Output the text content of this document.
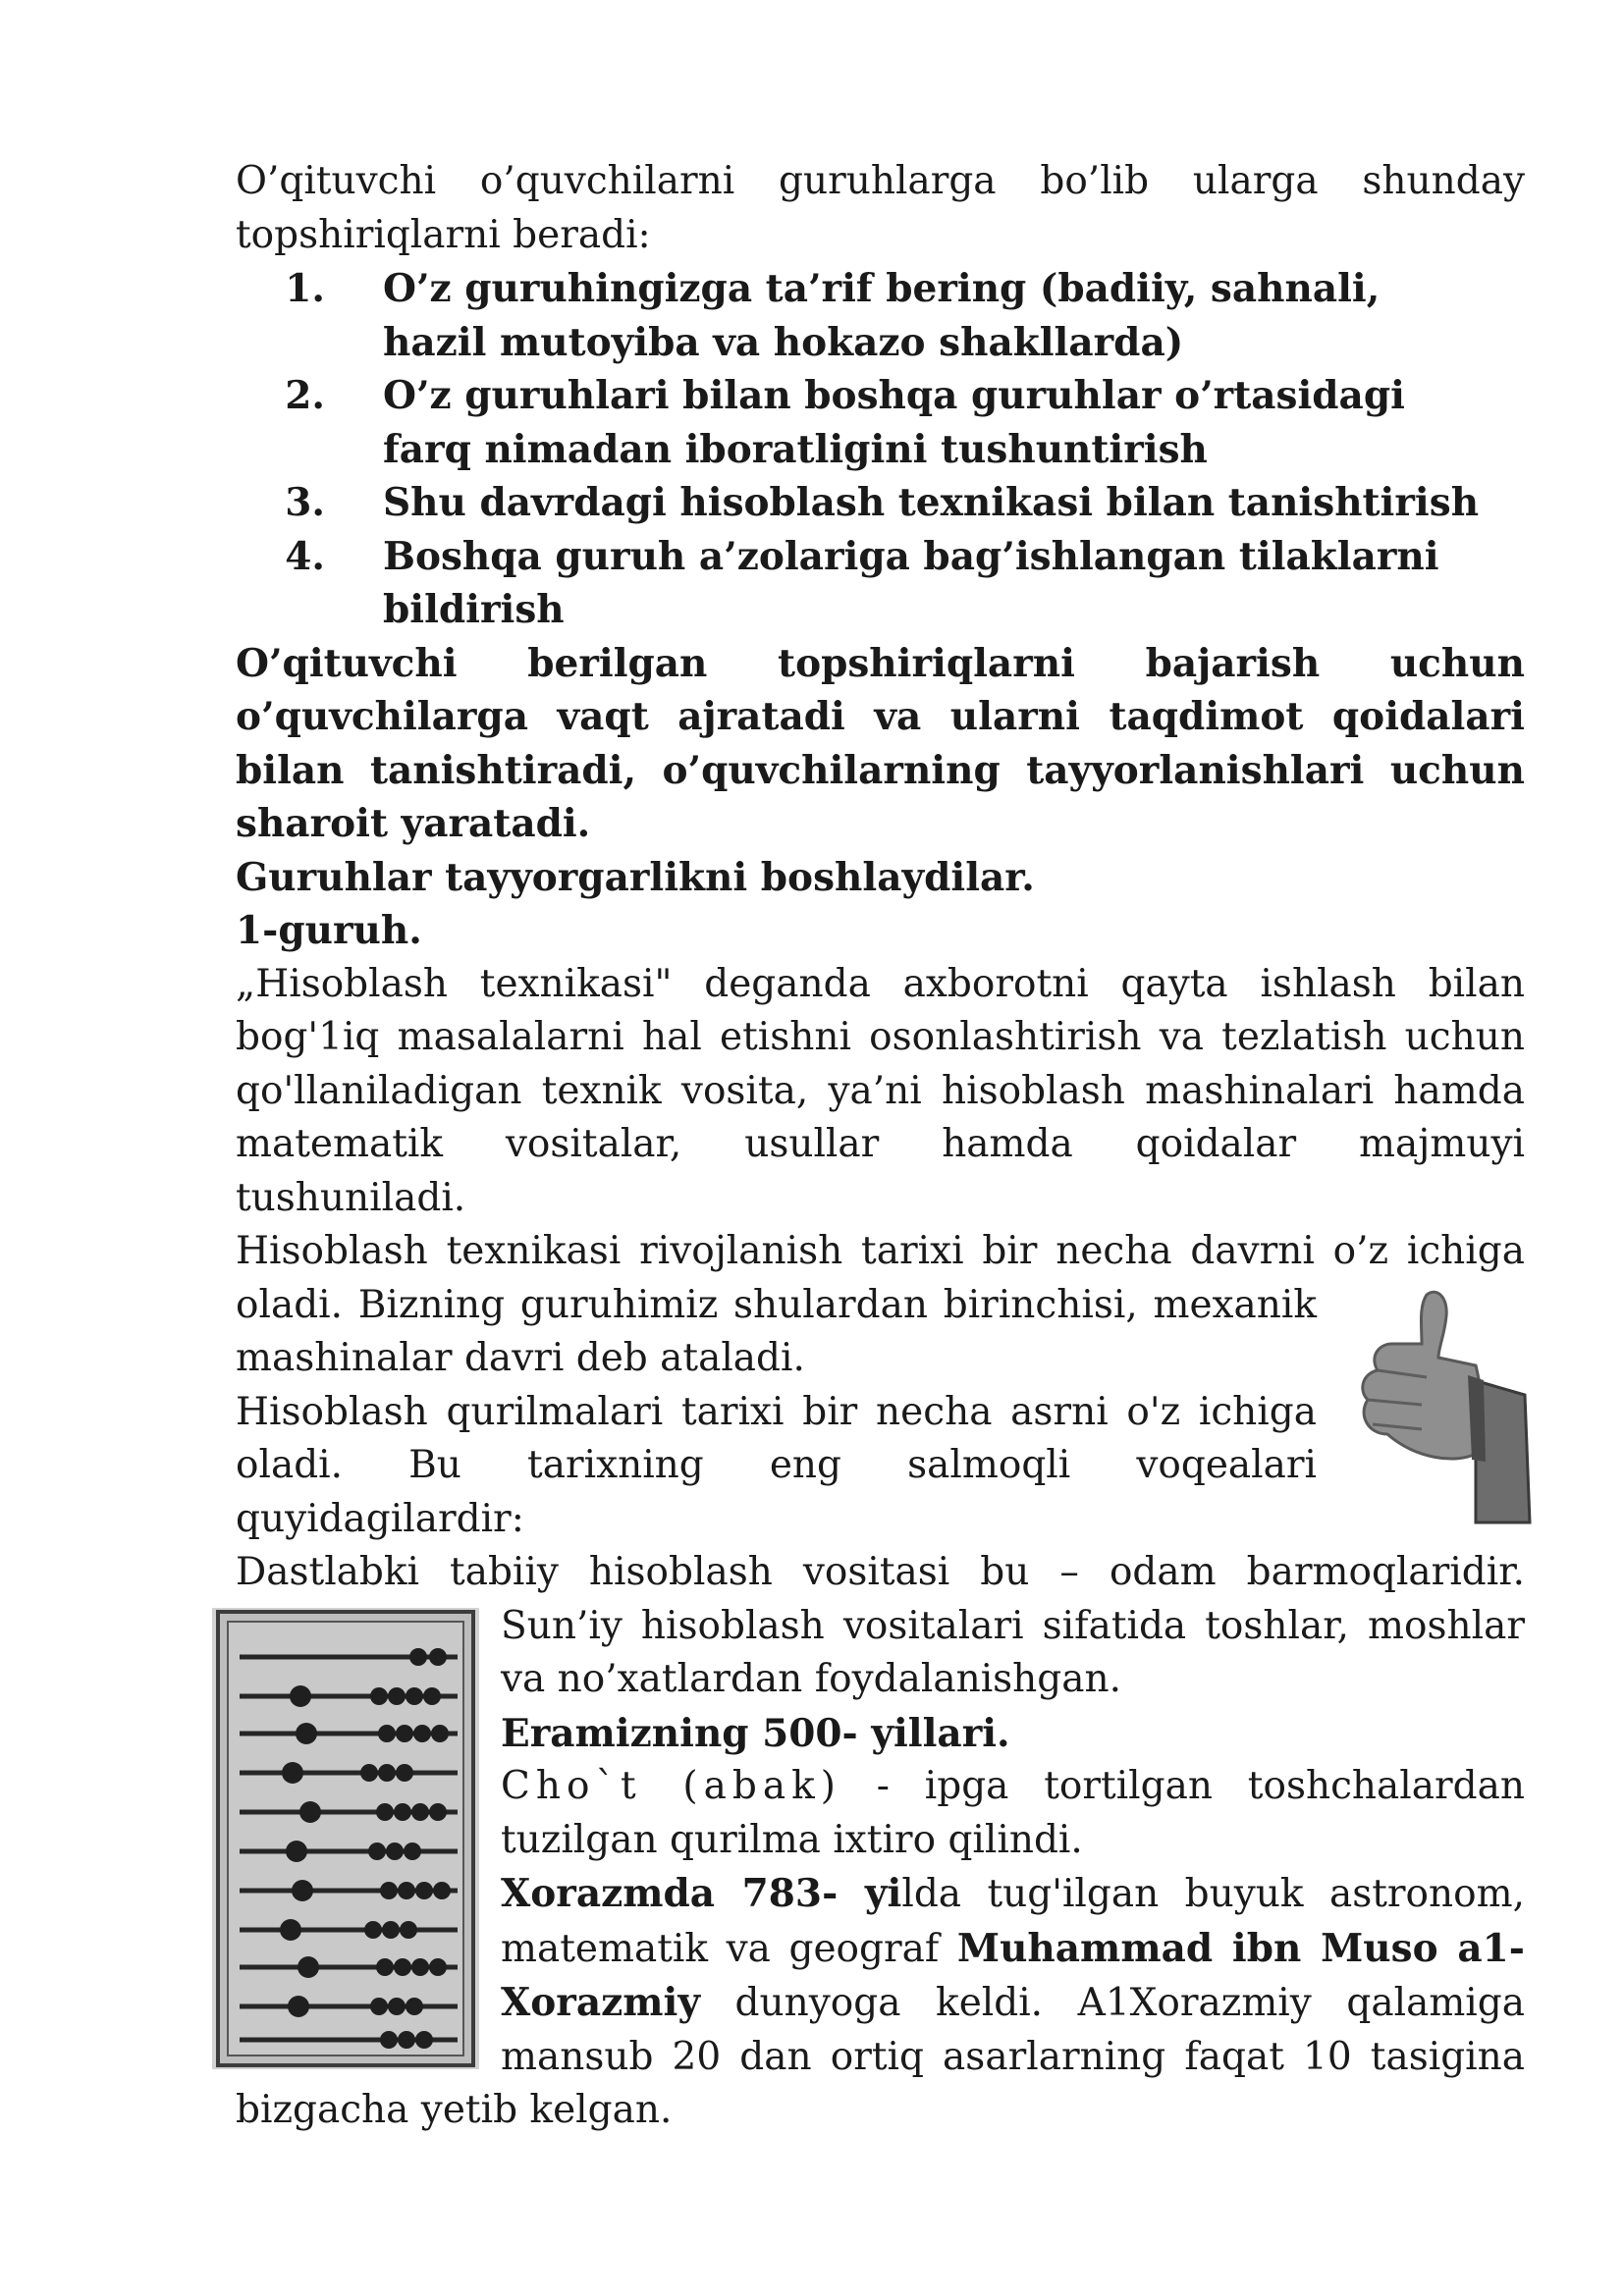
O’qituvchi o’quvchilarni guruhlarga bo’lib ularga shunday topshiriqlarni beradi:

1.	O’z guruhingizga ta’rif bering (badiiy, sahnali, hazil mutoyiba va hokazo shakllarda)
2.	O’z guruhlari bilan boshqa guruhlar o’rtasidagi farq nimadan iboratligini tushuntirish
3.	Shu davrdagi hisoblash texnikasi bilan tanishtirish
4.	Boshqa guruh a’zolariga bag’ishlangan tilaklarni bildirish

O’qituvchi berilgan topshiriqlarni bajarish uchun o’quvchilarga vaqt ajratadi va ularni taqdimot qoidalari bilan tanishtiradi, o’quvchilarning tayyorlanishlari uchun sharoit yaratadi.

Guruhlar tayyorgarlikni boshlaydilar.

1-guruh.

„Hisoblash texnikasi" deganda axborotni qayta ishlash bilan

bog'1iq masalalarni hal etishni osonlashtirish va tezlatish uchun

qo'llaniladigan texnik vosita, ya’ni hisoblash mashinalari hamda

matematik vositalar, usullar hamda qoidalar majmuyi

tushuniladi.

Hisoblash texnikasi rivojlanish tarixi bir necha davrni o’z ichiga

oladi. Bizning guruhimiz shulardan birinchisi, mexanik mashinalar davri deb ataladi.

Hisoblash qurilmalari tarixi bir necha asrni o'z ichiga oladi. Bu tarixning eng salmoqli voqealari quyidagilardir:

Dastlabki tabiiy hisoblash vositasi bu – odam barmoqlaridir.

Sun’iy hisoblash vositalari sifatida toshlar, moshlar va no’xatlardan foydalanishgan.

Eramizning 500- yillari.

Cho`t (abak) - ipga tortilgan toshchalardan tuzilgan qurilma ixtiro qilindi.

Xorazmda 783- yilda tug'ilgan buyuk astronom, matematik va geograf Muhammad ibn Muso a1-Xorazmiy dunyoga keldi. A1Xorazmiy qalamiga mansub 20 dan ortiq asarlarning faqat 10 tasigina bizgacha yetib kelgan.
